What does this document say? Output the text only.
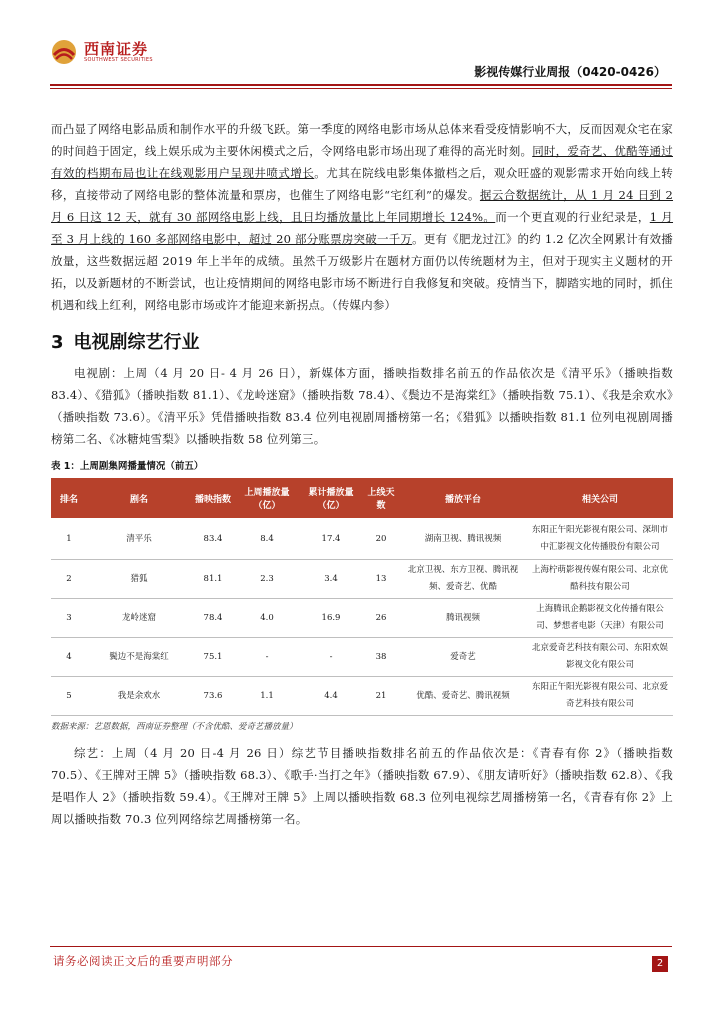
西南证券
SOUTHWEST SECURITIES
影视传媒行业周报（0420-0426）

而凸显了网络电影品质和制作水平的升级飞跃。第一季度的网络电影市场从总体来看受疫情影响不大，反而因观众宅在家的时间趋于固定，线上娱乐成为主要休闲模式之后，令网络电影市场出现了难得的高光时刻。同时，爱奇艺、优酷等通过有效的档期布局也让在线观影用户呈现井喷式增长。尤其在院线电影集体撤档之后，观众旺盛的观影需求开始向线上转移，直接带动了网络电影的整体流量和票房，也催生了网络电影“宅红利”的爆发。据云合数据统计，从 1 月 24 日到 2 月 6 日这 12 天，就有 30 部网络电影上线，且日均播放量比上年同期增长 124%。而一个更直观的行业纪录是，1 月至 3 月上线的 160 多部网络电影中，超过 20 部分账票房突破一千万。更有《肥龙过江》的约 1.2 亿次全网累计有效播放量，这些数据远超 2019 年上半年的成绩。虽然千万级影片在题材方面仍以传统题材为主，但对于现实主义题材的开拓，以及新题材的不断尝试，也让疫情期间的网络电影市场不断进行自我修复和突破。疫情当下，脚踏实地的同时，抓住机遇和线上红利，网络电影市场或许才能迎来新拐点。（传媒内参）

3 电视剧综艺行业

电视剧：上周（4 月 20 日- 4 月 26 日），新媒体方面，播映指数排名前五的作品依次是《清平乐》（播映指数 83.4）、《猎狐》（播映指数 81.1）、《龙岭迷窟》（播映指数 78.4）、《鬓边不是海棠红》（播映指数 75.1）、《我是余欢水》（播映指数 73.6）。《清平乐》凭借播映指数 83.4 位列电视剧周播榜第一名；《猎狐》以播映指数 81.1 位列电视剧周播榜第二名、《冰糖炖雪梨》以播映指数 58 位列第三。

表 1：上周剧集网播量情况（前五）
排名	剧名	播映指数	上周播放量（亿）	累计播放量（亿）	上线天数	播放平台	相关公司
1	清平乐	83.4	8.4	17.4	20	湖南卫视、腾讯视频	东阳正午阳光影视有限公司、深圳市中汇影视文化传播股份有限公司
2	猎狐	81.1	2.3	3.4	13	北京卫视、东方卫视、腾讯视频、爱奇艺、优酷	上海柠萌影视传媒有限公司、北京优酷科技有限公司
3	龙岭迷窟	78.4	4.0	16.9	26	腾讯视频	上海腾讯企鹅影视文化传播有限公司、梦想者电影（天津）有限公司
4	鬓边不是海棠红	75.1	-	-	38	爱奇艺	北京爱奇艺科技有限公司、东阳欢娱影视文化有限公司
5	我是余欢水	73.6	1.1	4.4	21	优酷、爱奇艺、腾讯视频	东阳正午阳光影视有限公司、北京爱奇艺科技有限公司
数据来源：艺恩数据，西南证券整理（不含优酷、爱奇艺播放量）

综艺：上周（4 月 20 日-4 月 26 日）综艺节目播映指数排名前五的作品依次是：《青春有你 2》（播映指数 70.5）、《王牌对王牌 5》（播映指数 68.3）、《歌手·当打之年》（播映指数 67.9）、《朋友请听好》（播映指数 62.8）、《我是唱作人 2》（播映指数 59.4）。《王牌对王牌 5》上周以播映指数 68.3 位列电视综艺周播榜第一名，《青春有你 2》上周以播映指数 70.3 位列网络综艺周播榜第一名。

请务必阅读正文后的重要声明部分	2
